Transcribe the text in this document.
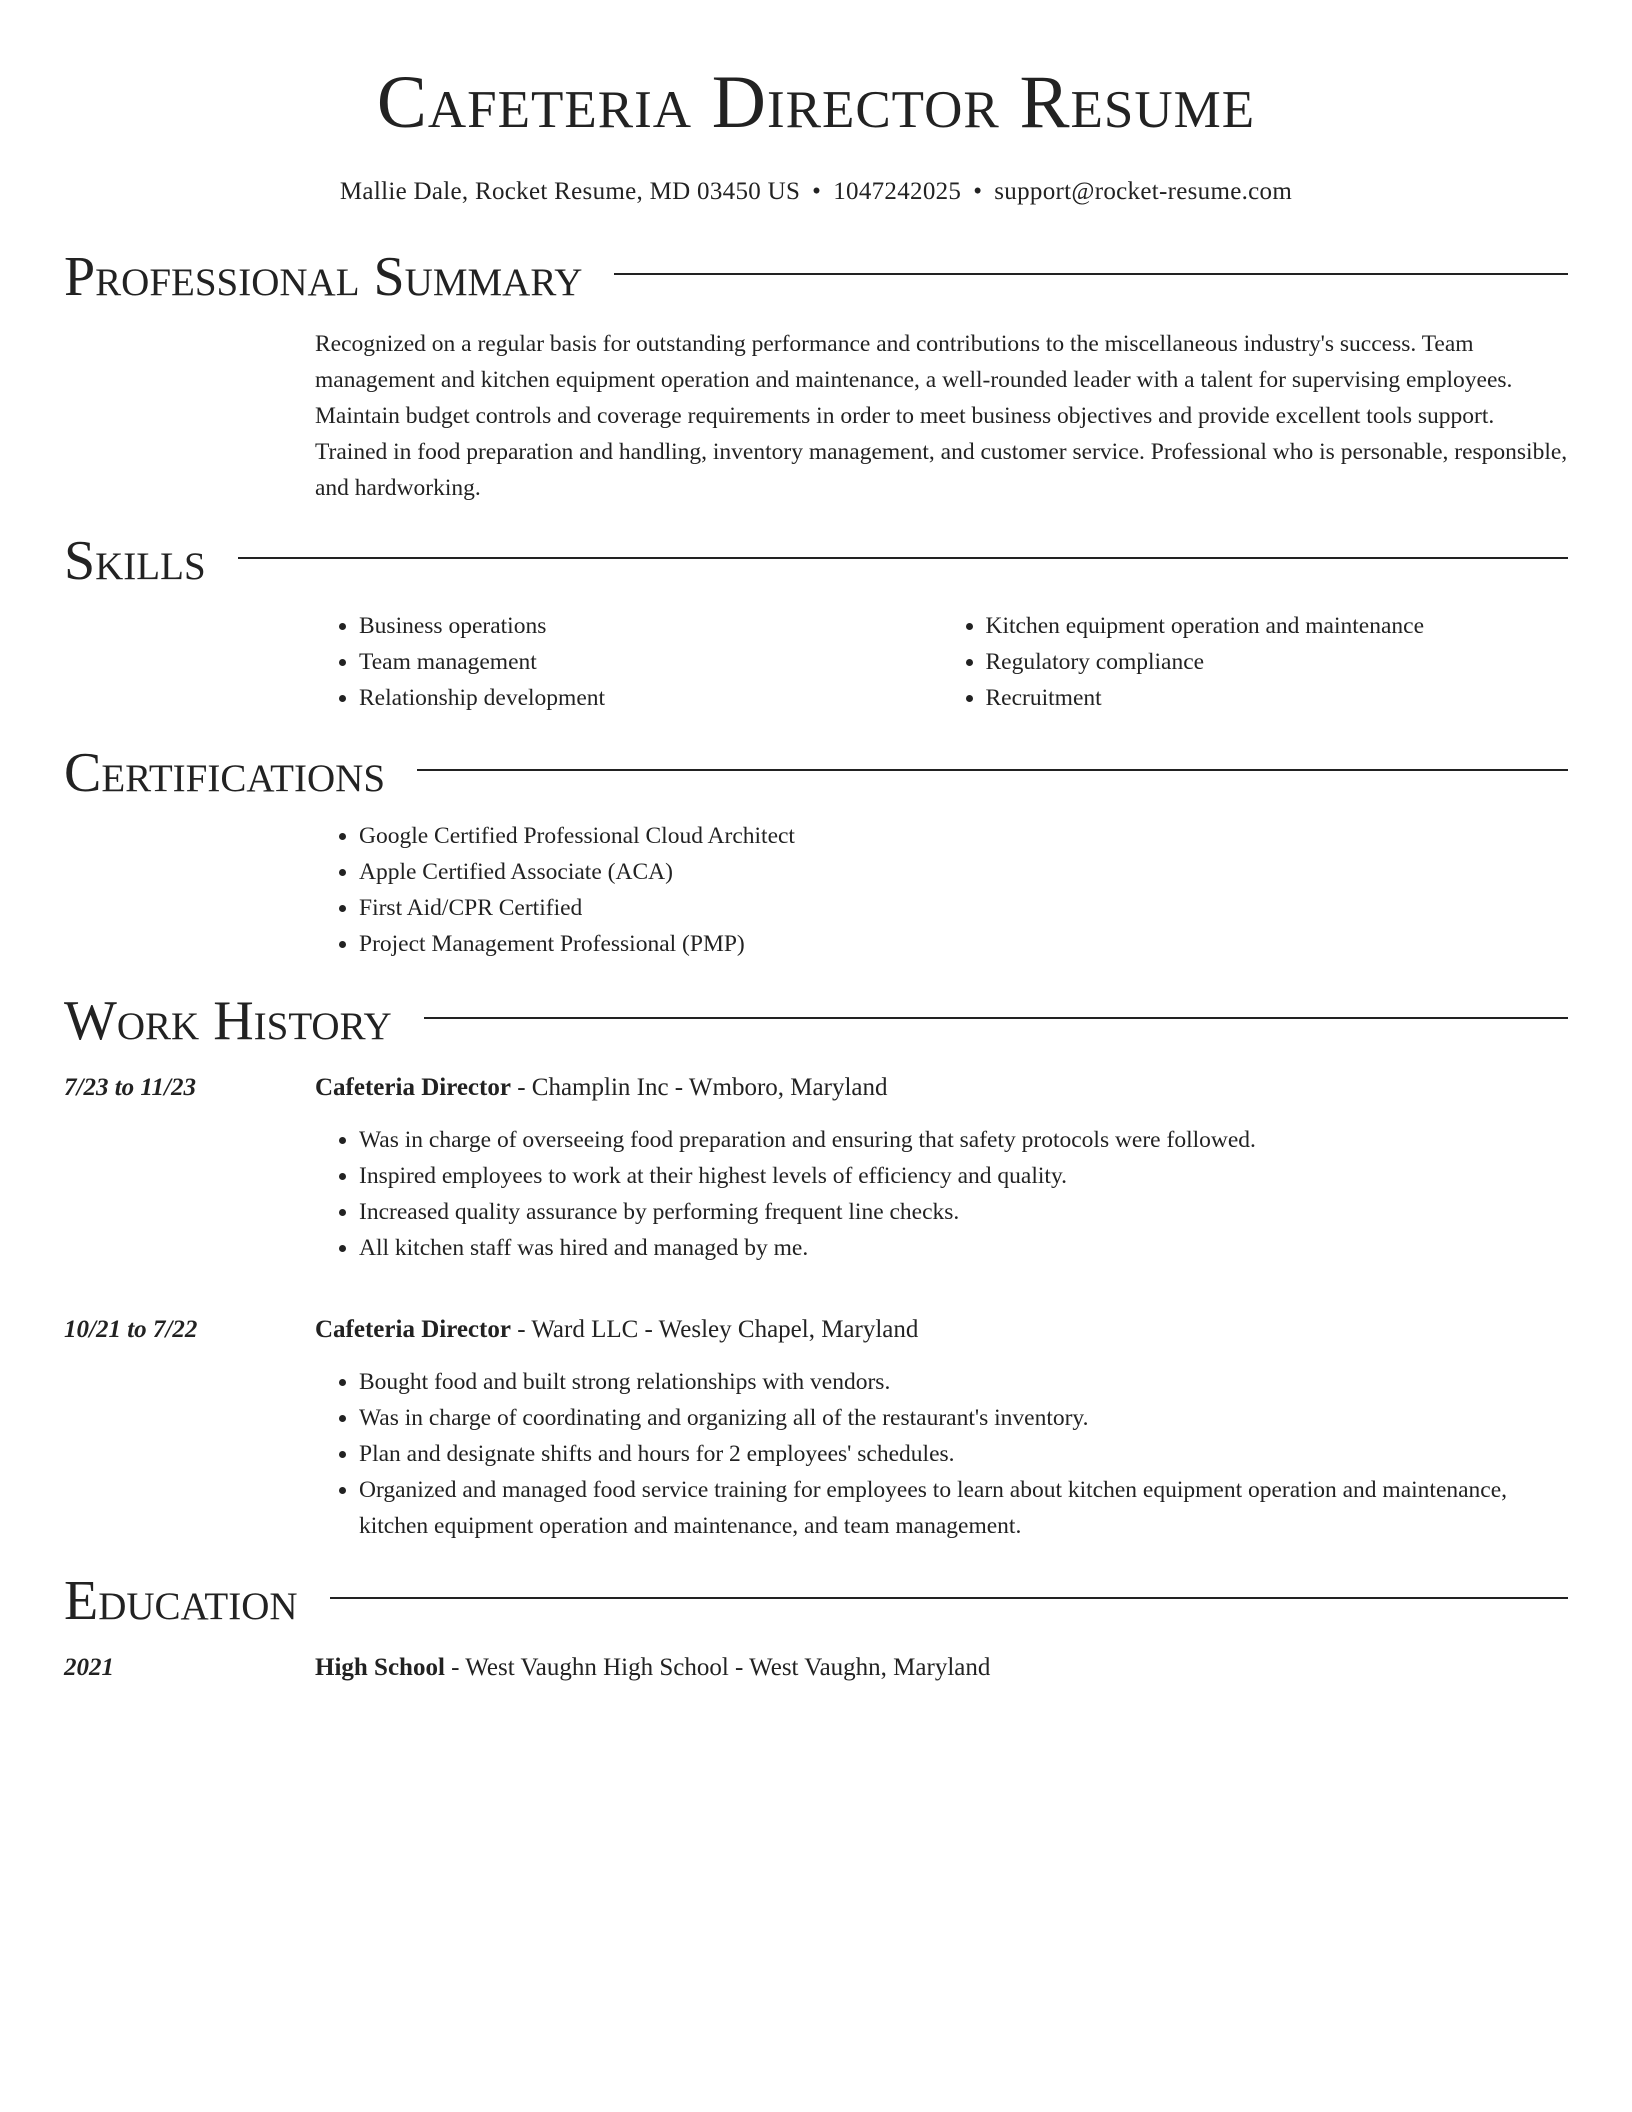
Cafeteria Director Resume
Mallie Dale, Rocket Resume, MD 03450 US • 1047242025 • support@rocket-resume.com
Professional Summary

Recognized on a regular basis for outstanding performance and contributions to the miscellaneous industry's success. Team management and kitchen equipment operation and maintenance, a well-rounded leader with a talent for supervising employees. Maintain budget controls and coverage requirements in order to meet business objectives and provide excellent tools support. Trained in food preparation and handling, inventory management, and customer service. Professional who is personable, responsible, and hardworking.

Skills
• Business operations
• Team management
• Relationship development
• Kitchen equipment operation and maintenance
• Regulatory compliance
• Recruitment
Certifications
• Google Certified Professional Cloud Architect
• Apple Certified Associate (ACA)
• First Aid/CPR Certified
• Project Management Professional (PMP)
Work History
7/23 to 11/23	Cafeteria Director - Champlin Inc - Wmboro, Maryland
• Was in charge of overseeing food preparation and ensuring that safety protocols were followed.
• Inspired employees to work at their highest levels of efficiency and quality.
• Increased quality assurance by performing frequent line checks.
• All kitchen staff was hired and managed by me.
10/21 to 7/22	Cafeteria Director - Ward LLC - Wesley Chapel, Maryland
• Bought food and built strong relationships with vendors.
• Was in charge of coordinating and organizing all of the restaurant's inventory.
• Plan and designate shifts and hours for 2 employees' schedules.
• Organized and managed food service training for employees to learn about kitchen equipment operation and maintenance, kitchen equipment operation and maintenance, and team management.
Education
2021	High School - West Vaughn High School - West Vaughn, Maryland
